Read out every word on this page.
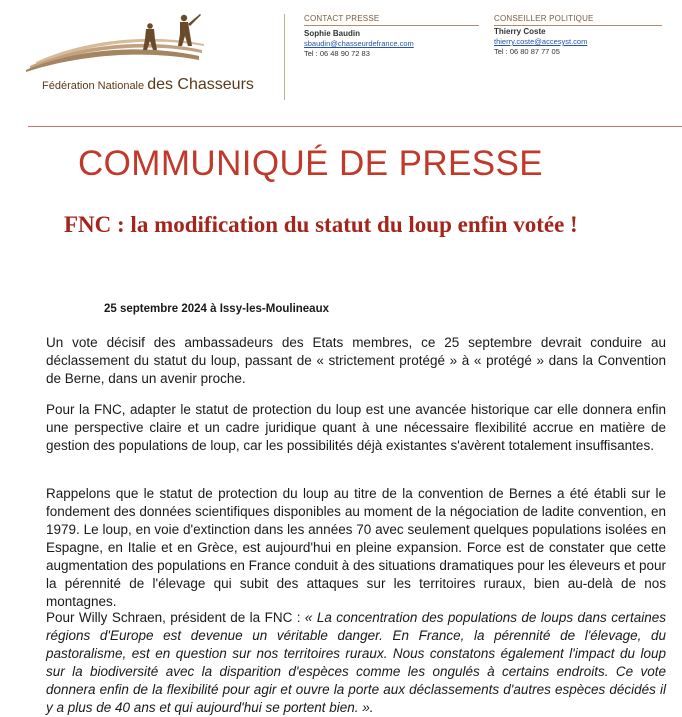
Fédération Nationale des Chasseurs
CONTACT PRESSE
Sophie Baudin
sbaudin@chasseurdefrance.com
Tel : 06 48 90 72 83
CONSEILLER POLITIQUE
Thierry Coste
thierry.coste@accesyst.com
Tel : 06 80 87 77 05
COMMUNIQUÉ DE PRESSE
FNC : la modification du statut du loup enfin votée !
25 septembre 2024 à Issy-les-Moulineaux

Un vote décisif des ambassadeurs des Etats membres, ce 25 septembre devrait conduire au déclassement du statut du loup, passant de « strictement protégé » à « protégé » dans la Convention de Berne, dans un avenir proche.

Pour la FNC, adapter le statut de protection du loup est une avancée historique car elle donnera enfin une perspective claire et un cadre juridique quant à une nécessaire flexibilité accrue en matière de gestion des populations de loup, car les possibilités déjà existantes s'avèrent totalement insuffisantes.

Rappelons que le statut de protection du loup au titre de la convention de Bernes a été établi sur le fondement des données scientifiques disponibles au moment de la négociation de ladite convention, en 1979. Le loup, en voie d'extinction dans les années 70 avec seulement quelques populations isolées en Espagne, en Italie et en Grèce, est aujourd'hui en pleine expansion. Force est de constater que cette augmentation des populations en France conduit à des situations dramatiques pour les éleveurs et pour la pérennité de l'élevage qui subit des attaques sur les territoires ruraux, bien au-delà de nos montagnes.

Pour Willy Schraen, président de la FNC : « La concentration des populations de loups dans certaines régions d'Europe est devenue un véritable danger. En France, la pérennité de l'élevage, du pastoralisme, est en question sur nos territoires ruraux. Nous constatons également l'impact du loup sur la biodiversité avec la disparition d'espèces comme les ongulés à certains endroits. Ce vote donnera enfin de la flexibilité pour agir et ouvre la porte aux déclassements d'autres espèces décidés il y a plus de 40 ans et qui aujourd'hui se portent bien. ».
